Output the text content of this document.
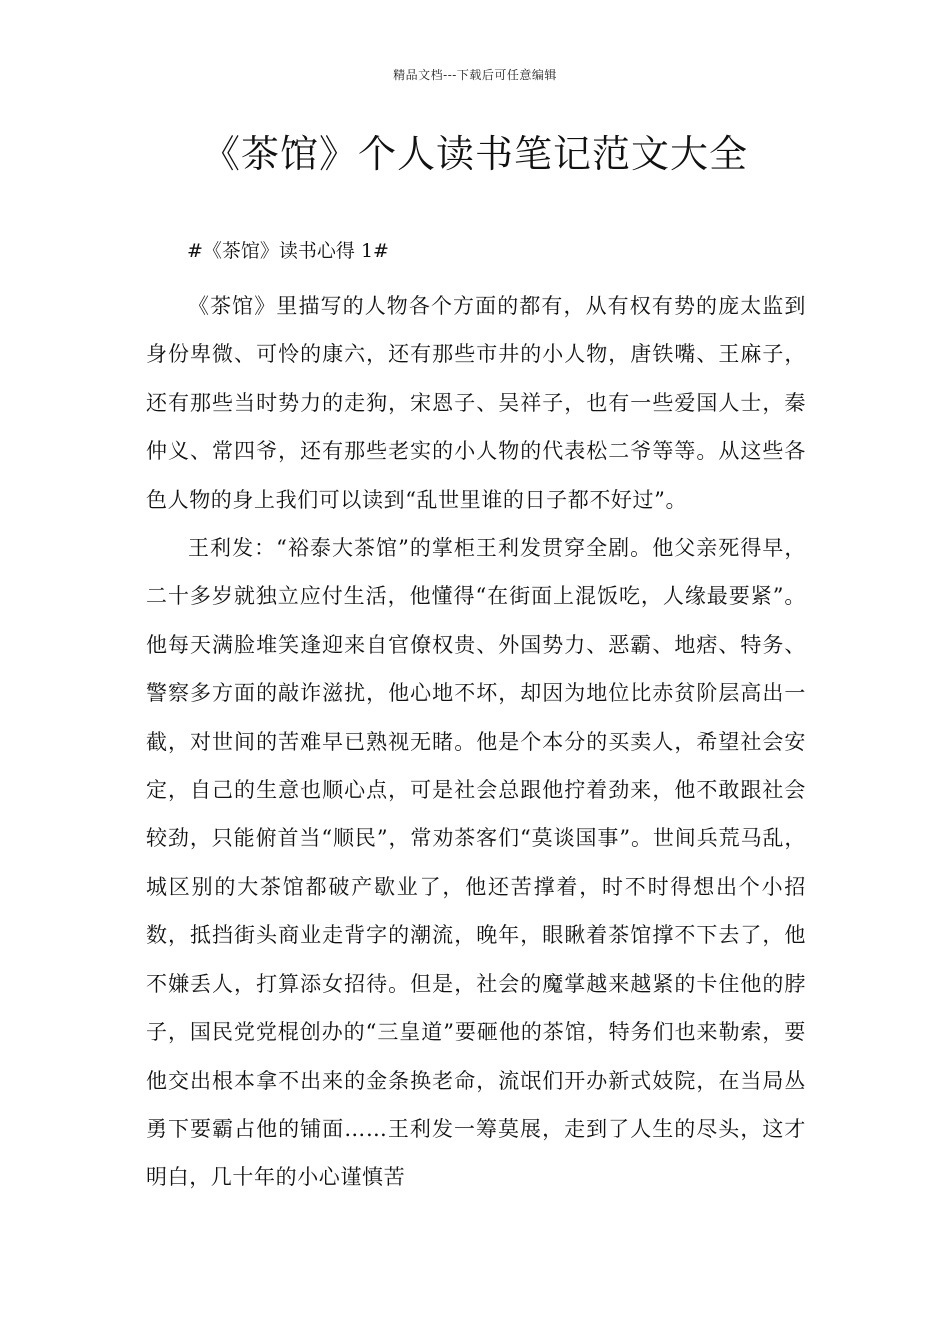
精品文档---下载后可任意编辑
《茶馆》个人读书笔记范文大全

#《茶馆》读书心得 1#

《茶馆》里描写的人物各个方面的都有，从有权有势的庞太监到身份卑微、可怜的康六，还有那些市井的小人物，唐铁嘴、王麻子，还有那些当时势力的走狗，宋恩子、吴祥子，也有一些爱国人士，秦仲义、常四爷，还有那些老实的小人物的代表松二爷等等。从这些各色人物的身上我们可以读到“乱世里谁的日子都不好过”。

王利发：“裕泰大茶馆”的掌柜王利发贯穿全剧。他父亲死得早，二十多岁就独立应付生活，他懂得“在街面上混饭吃，人缘最要紧”。他每天满脸堆笑逢迎来自官僚权贵、外国势力、恶霸、地痞、特务、警察多方面的敲诈滋扰，他心地不坏，却因为地位比赤贫阶层高出一截，对世间的苦难早已熟视无睹。他是个本分的买卖人，希望社会安定，自己的生意也顺心点，可是社会总跟他拧着劲来，他不敢跟社会较劲，只能俯首当“顺民”，常劝茶客们“莫谈国事”。世间兵荒马乱，城区别的大茶馆都破产歇业了，他还苦撑着，时不时得想出个小招数，抵挡街头商业走背字的潮流，晚年，眼瞅着茶馆撑不下去了，他不嫌丢人，打算添女招待。但是，社会的魔掌越来越紧的卡住他的脖子，国民党党棍创办的“三皇道”要砸他的茶馆，特务们也来勒索，要他交出根本拿不出来的金条换老命，流氓们开办新式妓院，在当局丛勇下要霸占他的铺面……王利发一筹莫展，走到了人生的尽头，这才明白，几十年的小心谨慎苦
